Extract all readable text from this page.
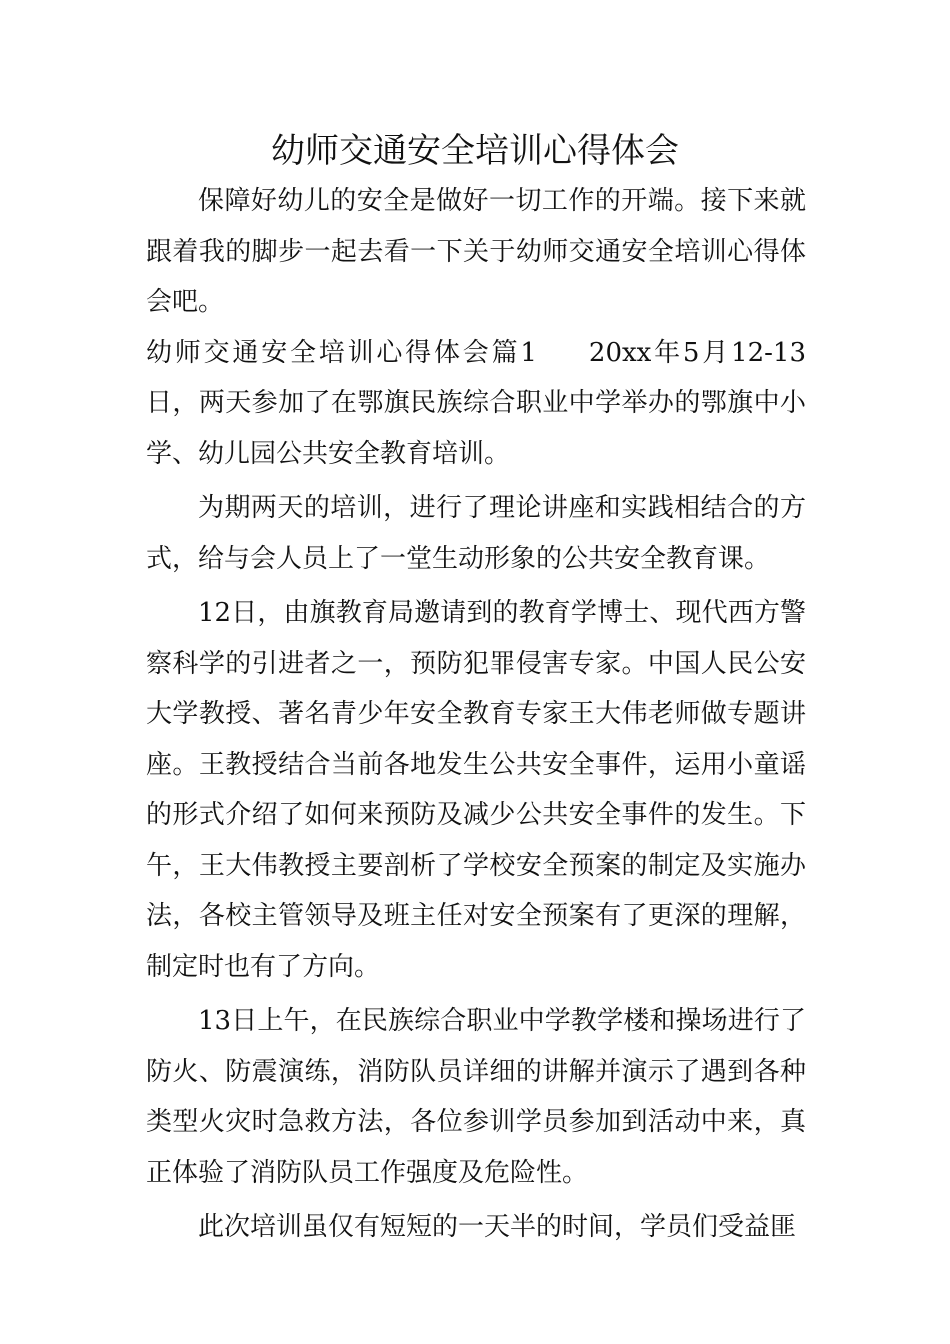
幼师交通安全培训心得体会

保障好幼儿的安全是做好一切工作的开端。接下来就跟着我的脚步一起去看一下关于幼师交通安全培训心得体会吧。

幼师交通安全培训心得体会篇1 20xx年5月12-13日，两天参加了在鄂旗民族综合职业中学举办的鄂旗中小学、幼儿园公共安全教育培训。

为期两天的培训，进行了理论讲座和实践相结合的方式，给与会人员上了一堂生动形象的公共安全教育课。

12日，由旗教育局邀请到的教育学博士、现代西方警察科学的引进者之一，预防犯罪侵害专家。中国人民公安大学教授、著名青少年安全教育专家王大伟老师做专题讲座。王教授结合当前各地发生公共安全事件，运用小童谣的形式介绍了如何来预防及减少公共安全事件的发生。下午，王大伟教授主要剖析了学校安全预案的制定及实施办法，各校主管领导及班主任对安全预案有了更深的理解，制定时也有了方向。

13日上午，在民族综合职业中学教学楼和操场进行了防火、防震演练，消防队员详细的讲解并演示了遇到各种类型火灾时急救方法，各位参训学员参加到活动中来，真正体验了消防队员工作强度及危险性。

此次培训虽仅有短短的一天半的时间，学员们受益匪
